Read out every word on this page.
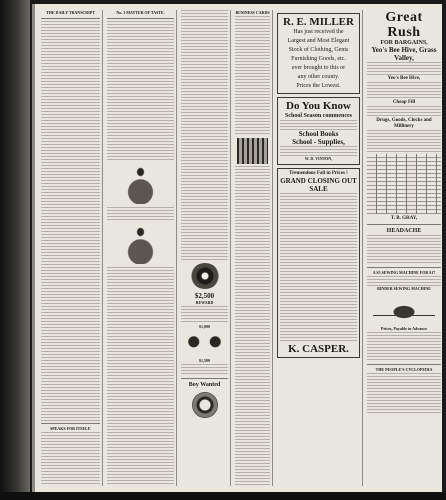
THE DAILY TRANSCRIPT
SPEAKS FOR ITSELF.
No. 3 MATTER OF TASTE.
$2,500
REWARD
$1,000
$1,500
Boy Wanted
BUSINESS CARDS
R. E. MILLER
Has just received the
Largest and Most Elegant
Stock of Clothing, Gents
Furnishing Goods, etc.
ever brought to this or
any other county.
Prices the Lowest.
Do You Know
School Season commences
School Books
School - Supplies,
W. D. VINTON,
Tremendous Fall in Prices !
GRAND CLOSING OUT SALE
K. CASPER.
Great Rush
FOR BARGAINS,
Yeo's Bee Hive, Grass Valley,
Yeo's Bee Hive,
Cheap Fill
Drugs, Goods, Clocks and Millinery
T. B. GRAY,
HEADACHE
A S5 SEWING MACHINE FOR $17
BINDER SEWING MACHINE
Prices, Payable in Advance
THE PEOPLE'S CYCLOPEDIA
